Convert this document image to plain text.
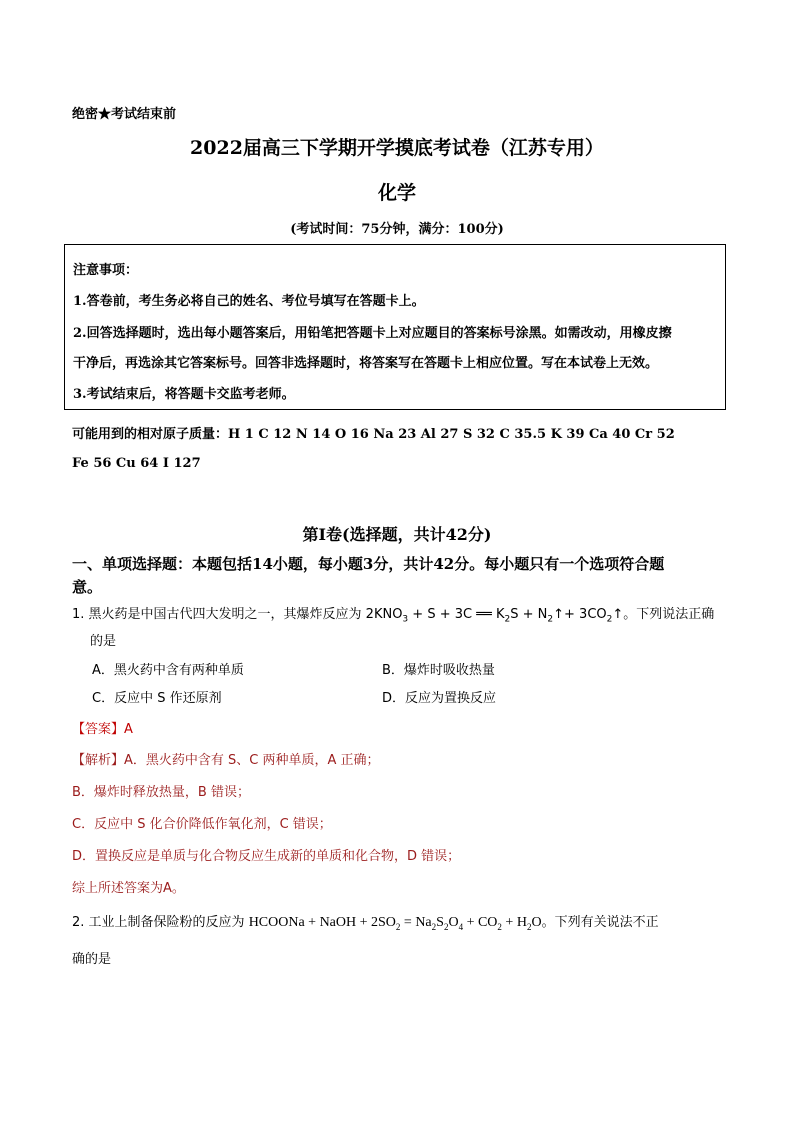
绝密★考试结束前
2022届高三下学期开学摸底考试卷（江苏专用）
化学
(考试时间：75分钟，满分：100分)
注意事项：
1.答卷前，考生务必将自己的姓名、考位号填写在答题卡上。
2.回答选择题时，选出每小题答案后，用铅笔把答题卡上对应题目的答案标号涂黑。如需改动，用橡皮擦
干净后，再选涂其它答案标号。回答非选择题时，将答案写在答题卡上相应位置。写在本试卷上无效。
3.考试结束后，将答题卡交监考老师。
可能用到的相对原子质量：H 1 C 12 N 14 O 16 Na 23 Al 27 S 32 C 35.5 K 39 Ca 40 Cr 52
Fe 56 Cu 64 I 127
第I卷(选择题，共计42分)
一、单项选择题：本题包括14小题，每小题3分，共计42分。每小题只有一个选项符合题
意。
1. 黑火药是中国古代四大发明之一，其爆炸反应为 $2KNO_3 + S + 3C$ ══ $K_2S$ + $N_2↑+$ $3CO_2↑$。下列说法正确
的是
A．黑火药中含有两种单质	B．爆炸时吸收热量
C．反应中 S 作还原剂	D．反应为置换反应
【答案】A
【解析】A．黑火药中含有 S、C 两种单质，A 正确；
B．爆炸时释放热量，B 错误；
C．反应中 S 化合价降低作氧化剂，C 错误；
D．置换反应是单质与化合物反应生成新的单质和化合物，D 错误；
综上所述答案为A。
2. 工业上制备保险粉的反应为 HCOONa + NaOH + $2SO_2 = Na_2S_2O_4 + CO_2 + H_2O$。下列有关说法不正
确的是
